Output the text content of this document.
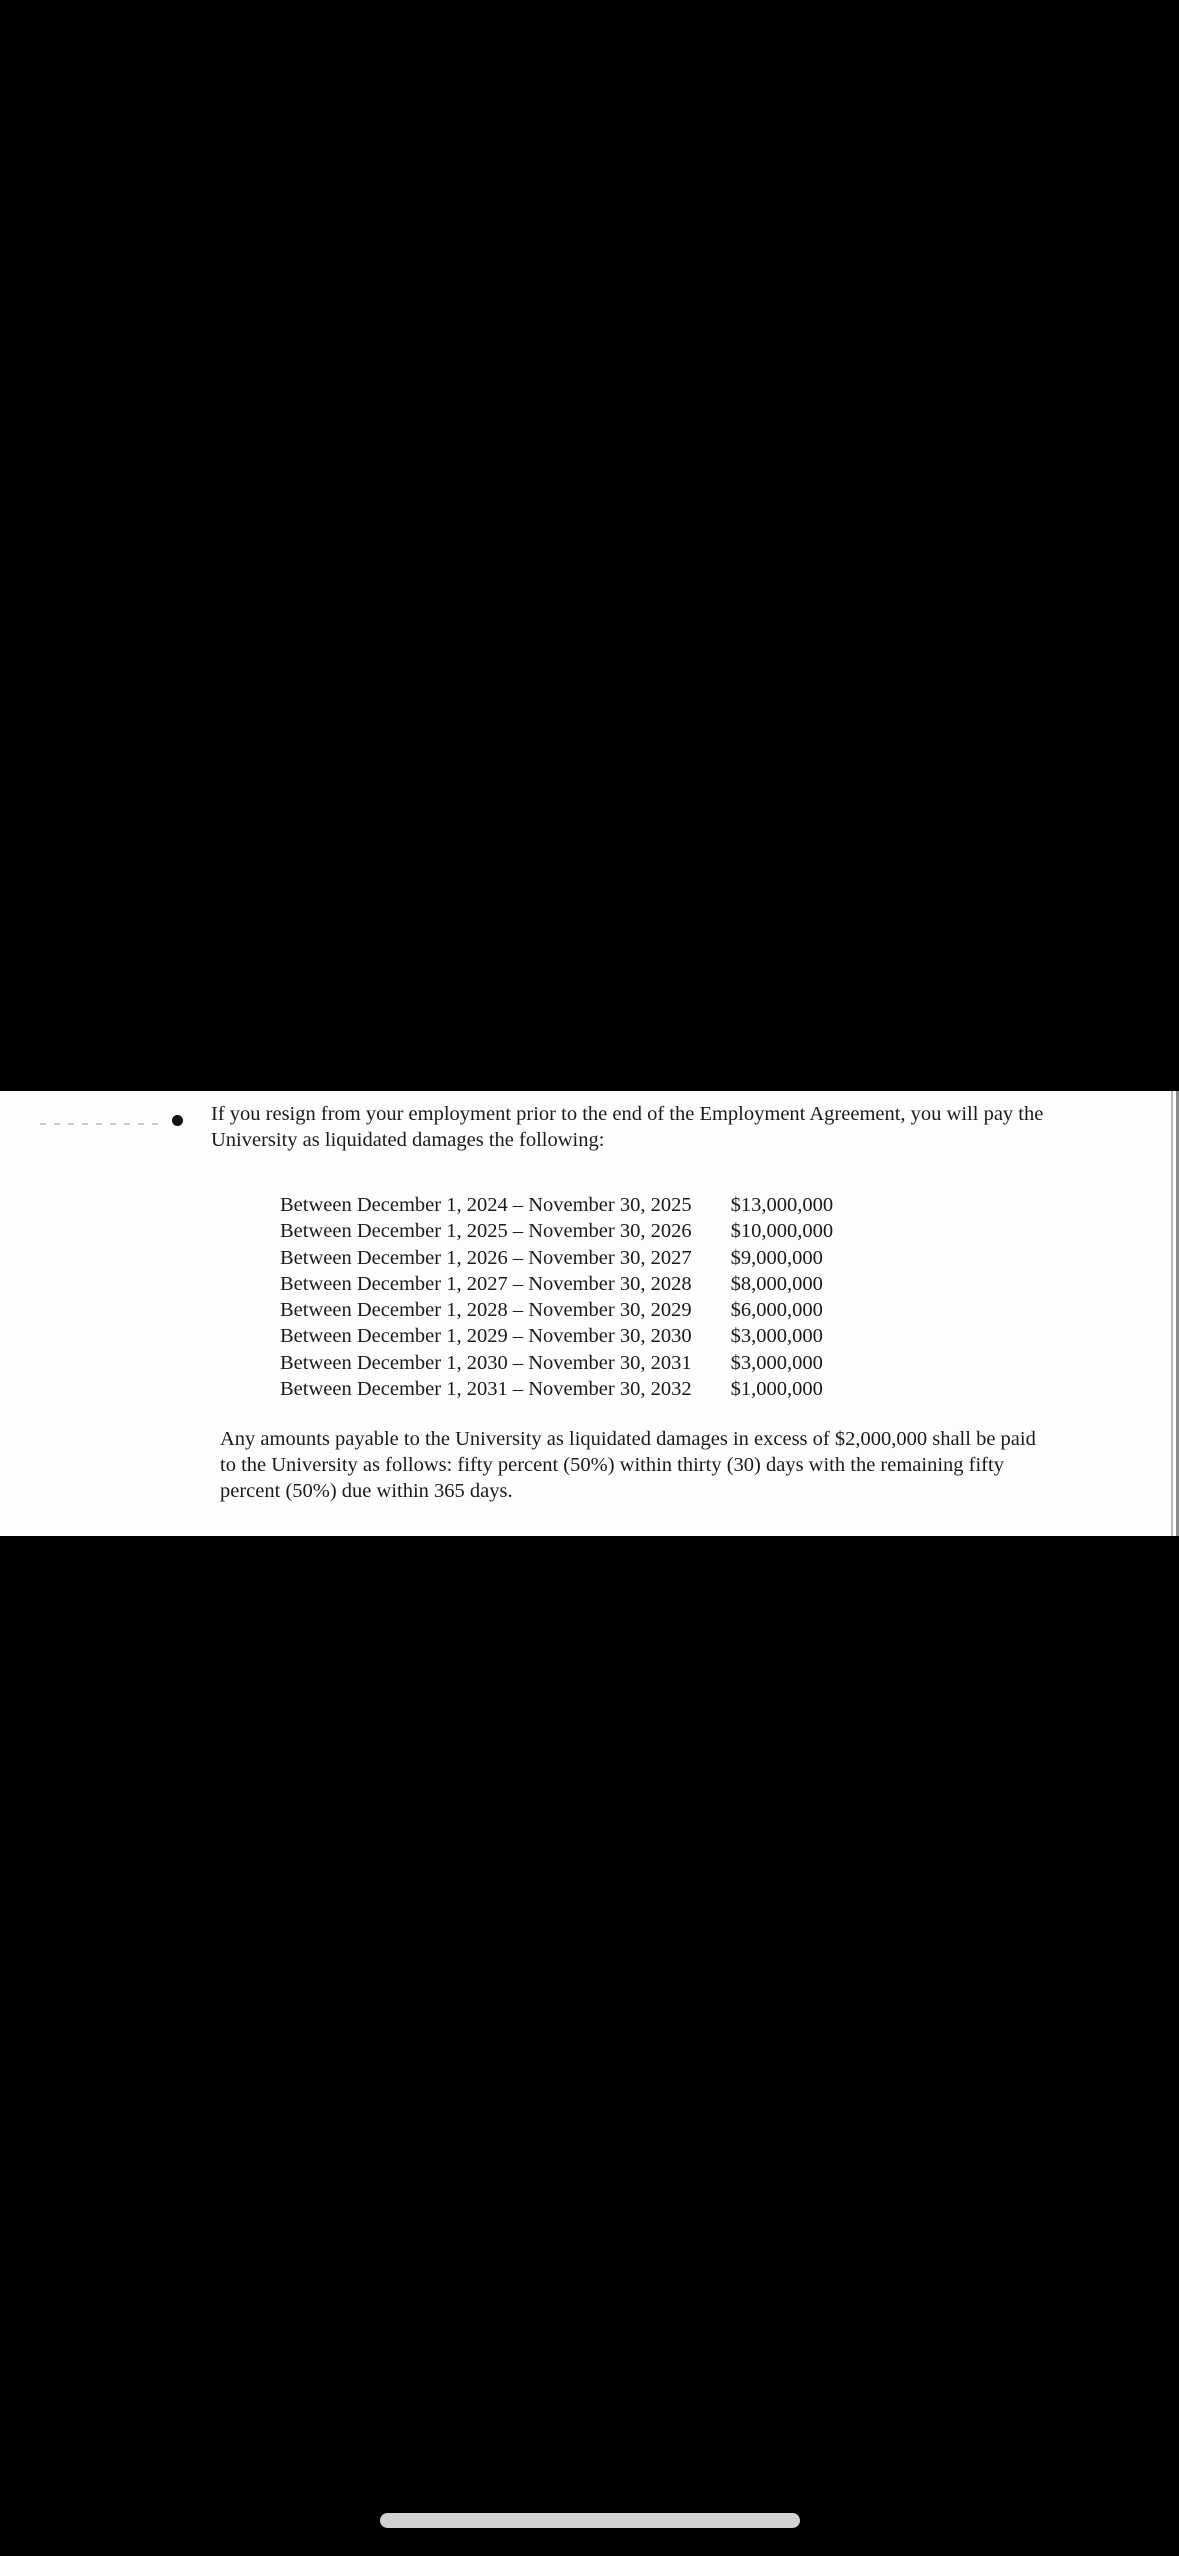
If you resign from your employment prior to the end of the Employment Agreement, you will pay the University as liquidated damages the following:

Between December 1, 2024 – November 30, 2025	$13,000,000
Between December 1, 2025 – November 30, 2026	$10,000,000
Between December 1, 2026 – November 30, 2027	$9,000,000
Between December 1, 2027 – November 30, 2028	$8,000,000
Between December 1, 2028 – November 30, 2029	$6,000,000
Between December 1, 2029 – November 30, 2030	$3,000,000
Between December 1, 2030 – November 30, 2031	$3,000,000
Between December 1, 2031 – November 30, 2032	$1,000,000

Any amounts payable to the University as liquidated damages in excess of $2,000,000 shall be paid to the University as follows: fifty percent (50%) within thirty (30) days with the remaining fifty percent (50%) due within 365 days.
